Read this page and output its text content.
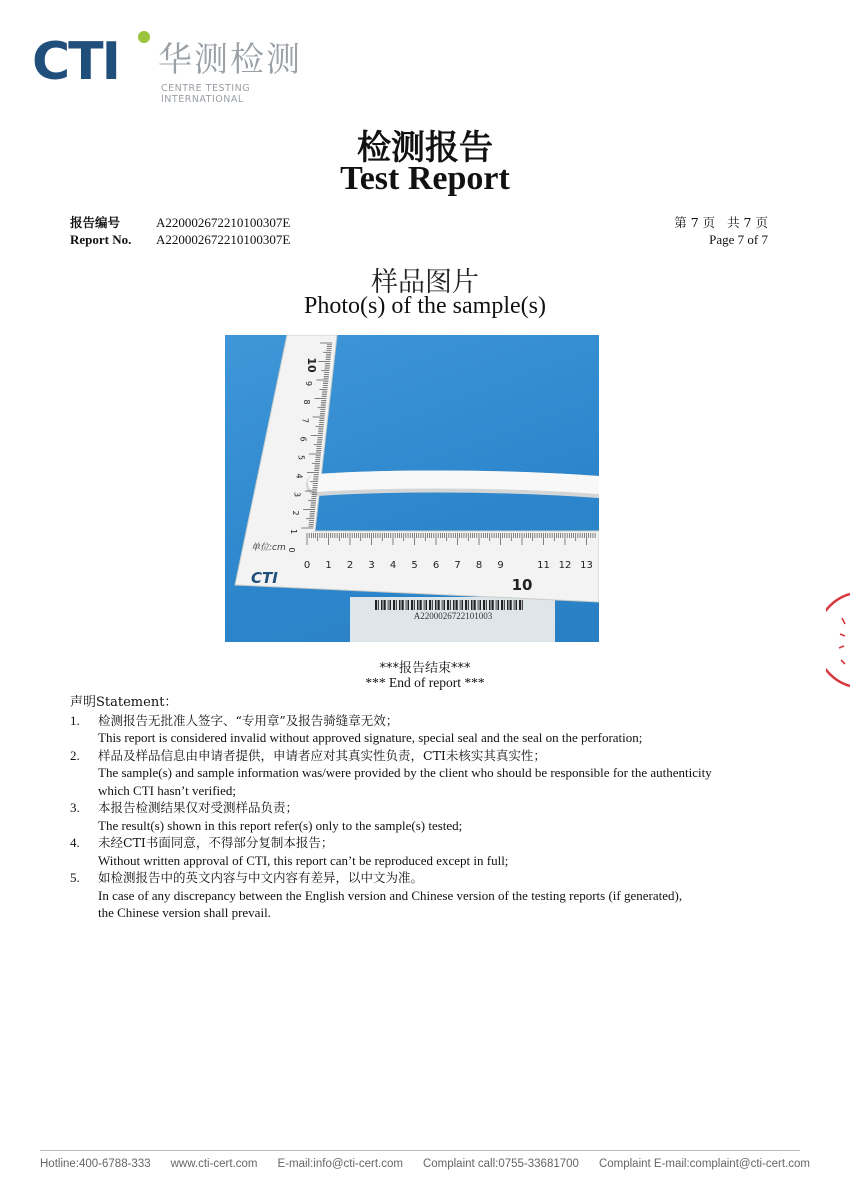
CTI 华测检测
CENTRE TESTING INTERNATIONAL
检测报告
Test Report
报告编号	A220002672210100307E
Report No. A220002672210100307E
第 7 页   共 7 页
Page 7 of 7
样品图片
Photo(s) of the sample(s)
A2200026722101003
0 1 2 3 4 5 6 7 8 9
10
11 12 13
10
9
8
7
6
5
4
3
2
1
0
单位:cm
CTI
***报告结束***
*** End of report ***
声明Statement：
1. 检测报告无批准人签字、“专用章”及报告骑缝章无效；
This report is considered invalid without approved signature, special seal and the seal on the perforation;
2. 样品及样品信息由申请者提供，申请者应对其真实性负责，CTI未核实其真实性；
The sample(s) and sample information was/were provided by the client who should be responsible for the authenticity which CTI hasn’t verified;
3. 本报告检测结果仅对受测样品负责；
The result(s) shown in this report refer(s) only to the sample(s) tested;
4. 未经CTI书面同意，不得部分复制本报告；
Without written approval of CTI, this report can’t be reproduced except in full;
5. 如检测报告中的英文内容与中文内容有差异，以中文为准。
In case of any discrepancy between the English version and Chinese version of the testing reports (if generated), the Chinese version shall prevail.
Hotline:400-6788-333 www.cti-cert.com E-mail:info@cti-cert.com Complaint call:0755-33681700 Complaint E-mail:complaint@cti-cert.com
